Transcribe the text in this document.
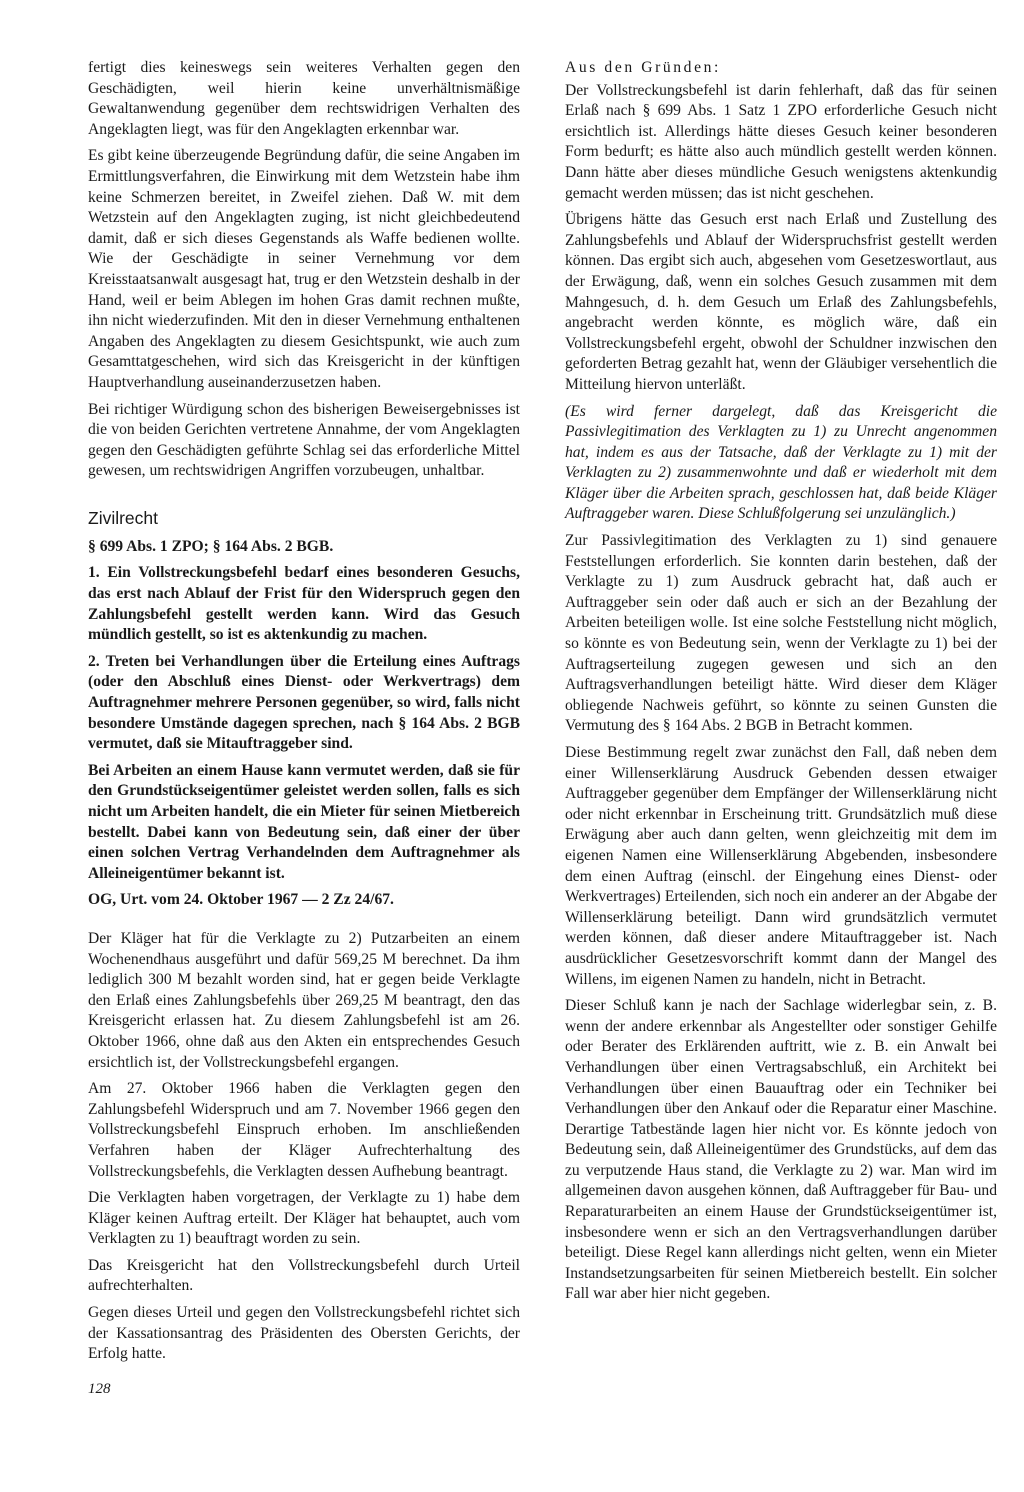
fertigt dies keineswegs sein weiteres Verhalten gegen den Geschädigten, weil hierin keine unverhältnismäßige Gewaltanwendung gegenüber dem rechtswidrigen Verhalten des Angeklagten liegt, was für den Angeklagten erkennbar war.

Es gibt keine überzeugende Begründung dafür, die seine Angaben im Ermittlungsverfahren, die Einwirkung mit dem Wetzstein habe ihm keine Schmerzen bereitet, in Zweifel ziehen. Daß W. mit dem Wetzstein auf den Angeklagten zuging, ist nicht gleichbedeutend damit, daß er sich dieses Gegenstands als Waffe bedienen wollte. Wie der Geschädigte in seiner Vernehmung vor dem Kreisstaatsanwalt ausgesagt hat, trug er den Wetzstein deshalb in der Hand, weil er beim Ablegen im hohen Gras damit rechnen mußte, ihn nicht wiederzufinden. Mit den in dieser Vernehmung enthaltenen Angaben des Angeklagten zu diesem Gesichtspunkt, wie auch zum Gesamttatgeschehen, wird sich das Kreisgericht in der künftigen Hauptverhandlung auseinanderzusetzen haben.

Bei richtiger Würdigung schon des bisherigen Beweisergebnisses ist die von beiden Gerichten vertretene Annahme, der vom Angeklagten gegen den Geschädigten geführte Schlag sei das erforderliche Mittel gewesen, um rechtswidrigen Angriffen vorzubeugen, unhaltbar.

Zivilrecht

§ 699 Abs. 1 ZPO; § 164 Abs. 2 BGB.

1. Ein Vollstreckungsbefehl bedarf eines besonderen Gesuchs, das erst nach Ablauf der Frist für den Widerspruch gegen den Zahlungsbefehl gestellt werden kann. Wird das Gesuch mündlich gestellt, so ist es aktenkundig zu machen.

2. Treten bei Verhandlungen über die Erteilung eines Auftrags (oder den Abschluß eines Dienst- oder Werkvertrags) dem Auftragnehmer mehrere Personen gegenüber, so wird, falls nicht besondere Umstände dagegen sprechen, nach § 164 Abs. 2 BGB vermutet, daß sie Mitauftraggeber sind.

Bei Arbeiten an einem Hause kann vermutet werden, daß sie für den Grundstückseigentümer geleistet werden sollen, falls es sich nicht um Arbeiten handelt, die ein Mieter für seinen Mietbereich bestellt. Dabei kann von Bedeutung sein, daß einer der über einen solchen Vertrag Verhandelnden dem Auftragnehmer als Alleineigentümer bekannt ist.

OG, Urt. vom 24. Oktober 1967 — 2 Zz 24/67.

Der Kläger hat für die Verklagte zu 2) Putzarbeiten an einem Wochenendhaus ausgeführt und dafür 569,25 M berechnet. Da ihm lediglich 300 M bezahlt worden sind, hat er gegen beide Verklagte den Erlaß eines Zahlungsbefehls über 269,25 M beantragt, den das Kreisgericht erlassen hat. Zu diesem Zahlungsbefehl ist am 26. Oktober 1966, ohne daß aus den Akten ein entsprechendes Gesuch ersichtlich ist, der Vollstreckungsbefehl ergangen.

Am 27. Oktober 1966 haben die Verklagten gegen den Zahlungsbefehl Widerspruch und am 7. November 1966 gegen den Vollstreckungsbefehl Einspruch erhoben. Im anschließenden Verfahren haben der Kläger Aufrechterhaltung des Vollstreckungsbefehls, die Verklagten dessen Aufhebung beantragt.

Die Verklagten haben vorgetragen, der Verklagte zu 1) habe dem Kläger keinen Auftrag erteilt. Der Kläger hat behauptet, auch vom Verklagten zu 1) beauftragt worden zu sein.

Das Kreisgericht hat den Vollstreckungsbefehl durch Urteil aufrechterhalten.

Gegen dieses Urteil und gegen den Vollstreckungsbefehl richtet sich der Kassationsantrag des Präsidenten des Obersten Gerichts, der Erfolg hatte.

Aus den Gründen:

Der Vollstreckungsbefehl ist darin fehlerhaft, daß das für seinen Erlaß nach § 699 Abs. 1 Satz 1 ZPO erforderliche Gesuch nicht ersichtlich ist. Allerdings hätte dieses Gesuch keiner besonderen Form bedurft; es hätte also auch mündlich gestellt werden können. Dann hätte aber dieses mündliche Gesuch wenigstens aktenkundig gemacht werden müssen; das ist nicht geschehen.

Übrigens hätte das Gesuch erst nach Erlaß und Zustellung des Zahlungsbefehls und Ablauf der Widerspruchsfrist gestellt werden können. Das ergibt sich auch, abgesehen vom Gesetzeswortlaut, aus der Erwägung, daß, wenn ein solches Gesuch zusammen mit dem Mahngesuch, d. h. dem Gesuch um Erlaß des Zahlungsbefehls, angebracht werden könnte, es möglich wäre, daß ein Vollstreckungsbefehl ergeht, obwohl der Schuldner inzwischen den geforderten Betrag gezahlt hat, wenn der Gläubiger versehentlich die Mitteilung hiervon unterläßt.

(Es wird ferner dargelegt, daß das Kreisgericht die Passivlegitimation des Verklagten zu 1) zu Unrecht angenommen hat, indem es aus der Tatsache, daß der Verklagte zu 1) mit der Verklagten zu 2) zusammenwohnte und daß er wiederholt mit dem Kläger über die Arbeiten sprach, geschlossen hat, daß beide Kläger Auftraggeber waren. Diese Schlußfolgerung sei unzulänglich.)

Zur Passivlegitimation des Verklagten zu 1) sind genauere Feststellungen erforderlich. Sie konnten darin bestehen, daß der Verklagte zu 1) zum Ausdruck gebracht hat, daß auch er Auftraggeber sein oder daß auch er sich an der Bezahlung der Arbeiten beteiligen wolle. Ist eine solche Feststellung nicht möglich, so könnte es von Bedeutung sein, wenn der Verklagte zu 1) bei der Auftragserteilung zugegen gewesen und sich an den Auftragsverhandlungen beteiligt hätte. Wird dieser dem Kläger obliegende Nachweis geführt, so könnte zu seinen Gunsten die Vermutung des § 164 Abs. 2 BGB in Betracht kommen.

Diese Bestimmung regelt zwar zunächst den Fall, daß neben dem einer Willenserklärung Ausdruck Gebenden dessen etwaiger Auftraggeber gegenüber dem Empfänger der Willenserklärung nicht oder nicht erkennbar in Erscheinung tritt. Grundsätzlich muß diese Erwägung aber auch dann gelten, wenn gleichzeitig mit dem im eigenen Namen eine Willenserklärung Abgebenden, insbesondere dem einen Auftrag (einschl. der Eingehung eines Dienst- oder Werkvertrages) Erteilenden, sich noch ein anderer an der Abgabe der Willenserklärung beteiligt. Dann wird grundsätzlich vermutet werden können, daß dieser andere Mitauftraggeber ist. Nach ausdrücklicher Gesetzesvorschrift kommt dann der Mangel des Willens, im eigenen Namen zu handeln, nicht in Betracht.

Dieser Schluß kann je nach der Sachlage widerlegbar sein, z. B. wenn der andere erkennbar als Angestellter oder sonstiger Gehilfe oder Berater des Erklärenden auftritt, wie z. B. ein Anwalt bei Verhandlungen über einen Vertragsabschluß, ein Architekt bei Verhandlungen über einen Bauauftrag oder ein Techniker bei Verhandlungen über den Ankauf oder die Reparatur einer Maschine. Derartige Tatbestände lagen hier nicht vor. Es könnte jedoch von Bedeutung sein, daß Alleineigentümer des Grundstücks, auf dem das zu verputzende Haus stand, die Verklagte zu 2) war. Man wird im allgemeinen davon ausgehen können, daß Auftraggeber für Bau- und Reparaturarbeiten an einem Hause der Grundstückseigentümer ist, insbesondere wenn er sich an den Vertragsverhandlungen darüber beteiligt. Diese Regel kann allerdings nicht gelten, wenn ein Mieter Instandsetzungsarbeiten für seinen Mietbereich bestellt. Ein solcher Fall war aber hier nicht gegeben.

128
